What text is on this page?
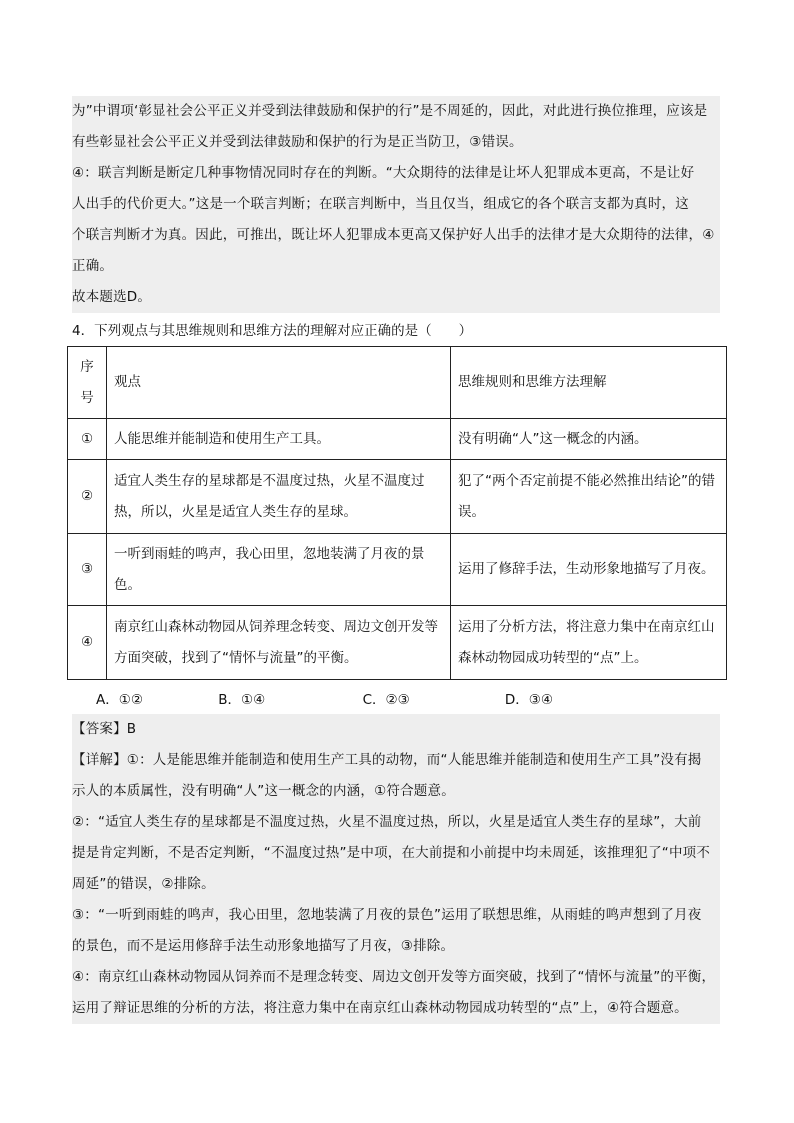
为”中谓项‘彰显社会公平正义并受到法律鼓励和保护的行”是不周延的，因此，对此进行换位推理，应该是
有些彰显社会公平正义并受到法律鼓励和保护的行为是正当防卫，③错误。
④：联言判断是断定几种事物情况同时存在的判断。“大众期待的法律是让坏人犯罪成本更高，不是让好
人出手的代价更大。”这是一个联言判断；在联言判断中，当且仅当，组成它的各个联言支都为真时，这
个联言判断才为真。因此，可推出，既让坏人犯罪成本更高又保护好人出手的法律才是大众期待的法律，④
正确。
故本题选D。
4．下列观点与其思维规则和思维方法的理解对应正确的是（　　）
序
号	观点	思维规则和思维方法理解
①	人能思维并能制造和使用生产工具。	没有明确“人”这一概念的内涵。
②	适宜人类生存的星球都是不温度过热，火星不温度过热，所以，火星是适宜人类生存的星球。	犯了“两个否定前提不能必然推出结论”的错误。
③	一听到雨蛙的鸣声，我心田里，忽地装满了月夜的景色。	运用了修辞手法，生动形象地描写了月夜。
④	南京红山森林动物园从饲养理念转变、周边文创开发等方面突破，找到了“情怀与流量”的平衡。	运用了分析方法，将注意力集中在南京红山森林动物园成功转型的“点”上。
A．①②	B．①④	C．②③	D．③④
【答案】B
【详解】①：人是能思维并能制造和使用生产工具的动物，而“人能思维并能制造和使用生产工具”没有揭
示人的本质属性，没有明确“人”这一概念的内涵，①符合题意。
②：“适宜人类生存的星球都是不温度过热，火星不温度过热，所以，火星是适宜人类生存的星球”，大前
提是肯定判断，不是否定判断，“不温度过热”是中项，在大前提和小前提中均未周延，该推理犯了“中项不
周延”的错误，②排除。
③：“一听到雨蛙的鸣声，我心田里，忽地装满了月夜的景色”运用了联想思维，从雨蛙的鸣声想到了月夜
的景色，而不是运用修辞手法生动形象地描写了月夜，③排除。
④：南京红山森林动物园从饲养而不是理念转变、周边文创开发等方面突破，找到了“情怀与流量”的平衡，
运用了辩证思维的分析的方法，将注意力集中在南京红山森林动物园成功转型的“点”上，④符合题意。
